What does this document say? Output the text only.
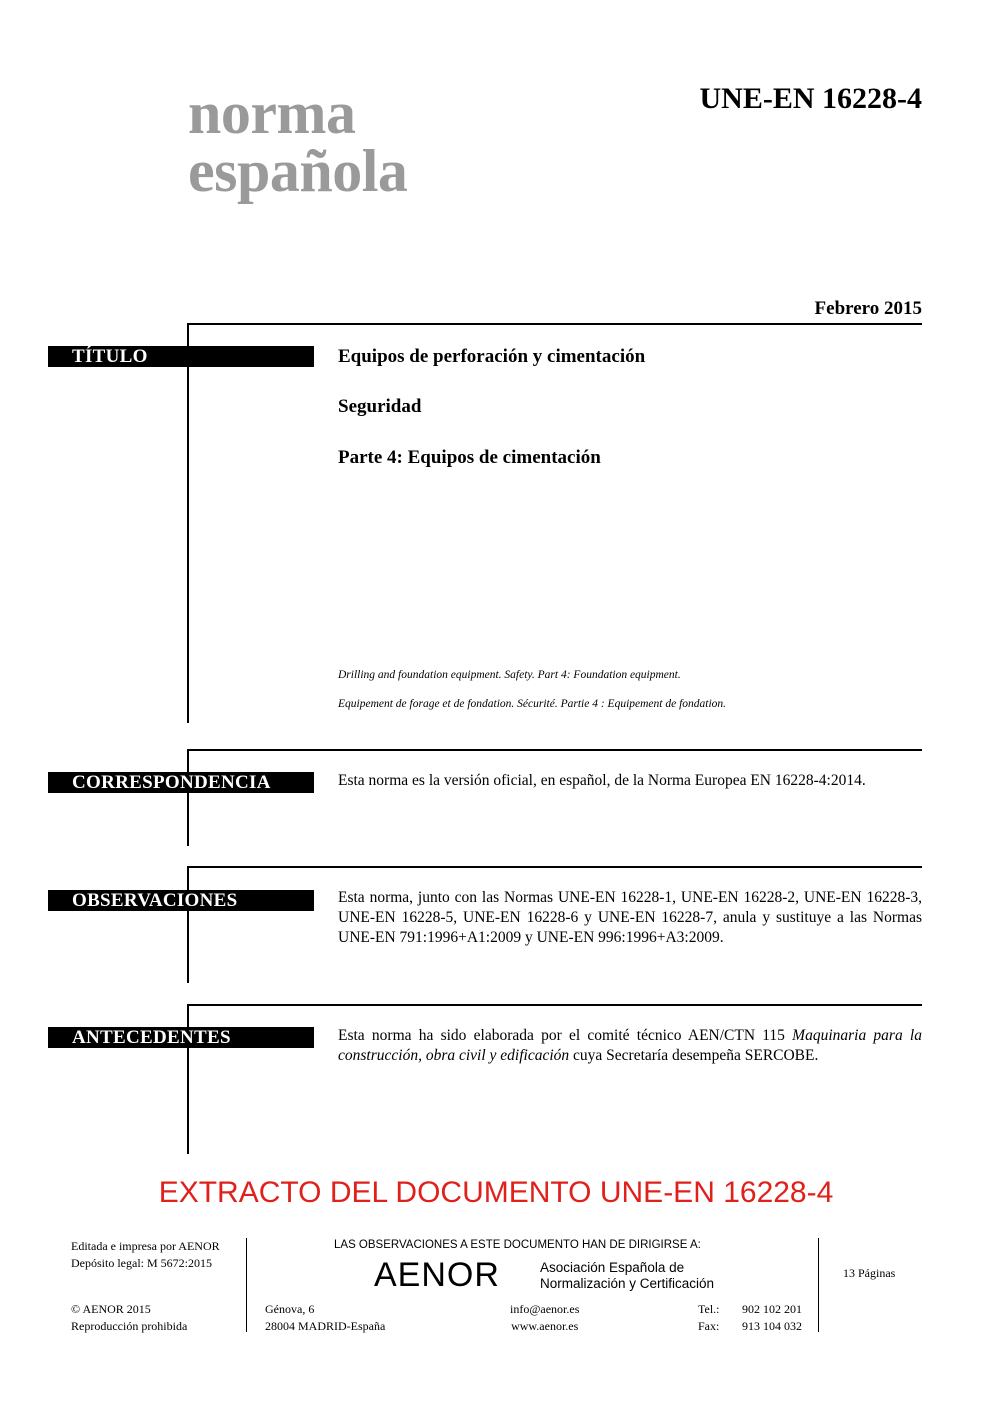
norma
española
UNE-EN 16228-4
Febrero 2015
TÍTULO	Equipos de perforación y cimentación
Seguridad
Parte 4: Equipos de cimentación
Drilling and foundation equipment. Safety. Part 4: Foundation equipment.
Equipement de forage et de fondation. Sécurité. Partie 4 : Equipement de fondation.
CORRESPONDENCIA	Esta norma es la versión oficial, en español, de la Norma Europea EN 16228-4:2014.
OBSERVACIONES	Esta norma, junto con las Normas UNE-EN 16228-1, UNE-EN 16228-2, UNE-EN 16228-3, UNE-EN 16228-5, UNE-EN 16228-6 y UNE-EN 16228-7, anula y sustituye a las Normas UNE-EN 791:1996+A1:2009 y UNE-EN 996:1996+A3:2009.
ANTECEDENTES	Esta norma ha sido elaborada por el comité técnico AEN/CTN 115 Maquinaria para la construcción, obra civil y edificación cuya Secretaría desempeña SERCOBE.
EXTRACTO DEL DOCUMENTO UNE-EN 16228-4
Editada e impresa por AENOR
Depósito legal: M 5672:2015
© AENOR 2015
Reproducción prohibida
LAS OBSERVACIONES A ESTE DOCUMENTO HAN DE DIRIGIRSE A:
AENOR	Asociación Española de
Normalización y Certificación
Génova, 6
28004 MADRID-España
info@aenor.es
www.aenor.es
Tel.: 902 102 201
Fax: 913 104 032
13 Páginas
